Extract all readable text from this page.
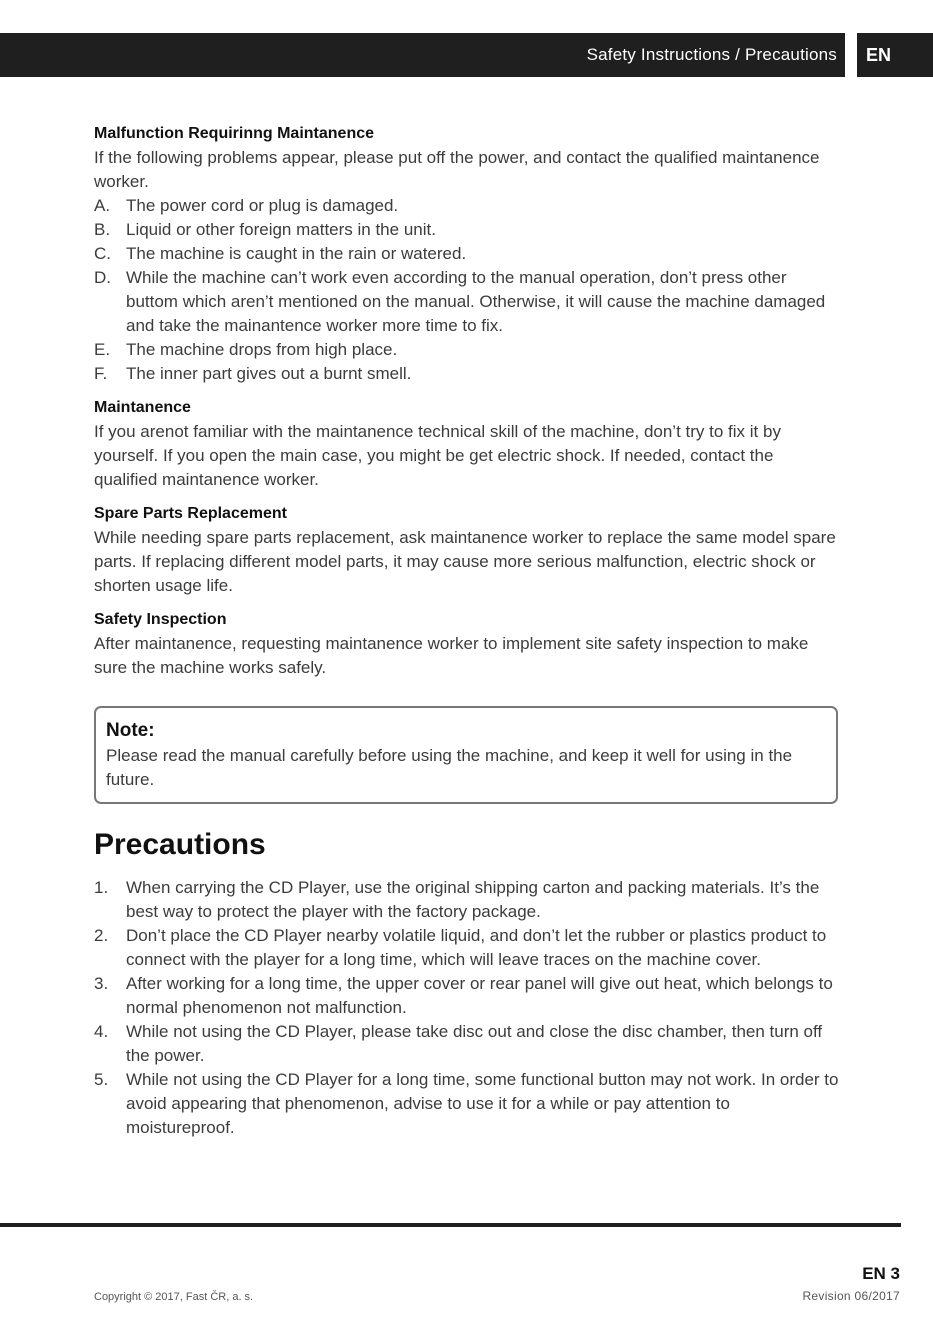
Safety Instructions / Precautions	EN
Malfunction Requirinng Maintanence

If the following problems appear, please put off the power, and contact the qualified maintanence worker.

A. The power cord or plug is damaged.
B. Liquid or other foreign matters in the unit.
C. The machine is caught in the rain or watered.
D. While the machine can’t work even according to the manual operation, don’t press other buttom which aren’t mentioned on the manual. Otherwise, it will cause the machine damaged and take the mainantence worker more time to fix.
E. The machine drops from high place.
F. The inner part gives out a burnt smell.
Maintanence

If you arenot familiar with the maintanence technical skill of the machine, don’t try to fix it by yourself. If you open the main case, you might be get electric shock. If needed, contact the qualified maintanence worker.

Spare Parts Replacement

While needing spare parts replacement, ask maintanence worker to replace the same model spare parts. If replacing different model parts, it may cause more serious malfunction, electric shock or shorten usage life.

Safety Inspection

After maintanence, requesting maintanence worker to implement site safety inspection to make sure the machine works safely.

Note:

Please read the manual carefully before using the machine, and keep it well for using in the future.

Precautions
1. When carrying the CD Player, use the original shipping carton and packing materials. It’s the best way to protect the player with the factory package.
2. Don’t place the CD Player nearby volatile liquid, and don’t let the rubber or plastics product to connect with the player for a long time, which will leave traces on the machine cover.
3. After working for a long time, the upper cover or rear panel will give out heat, which belongs to normal phenomenon not malfunction.
4. While not using the CD Player, please take disc out and close the disc chamber, then turn off the power.
5. While not using the CD Player for a long time, some functional button may not work. In order to avoid appearing that phenomenon, advise to use it for a while or pay attention to moistureproof.
EN 3
Copyright © 2017, Fast ČR, a. s.	Revision 06/2017
